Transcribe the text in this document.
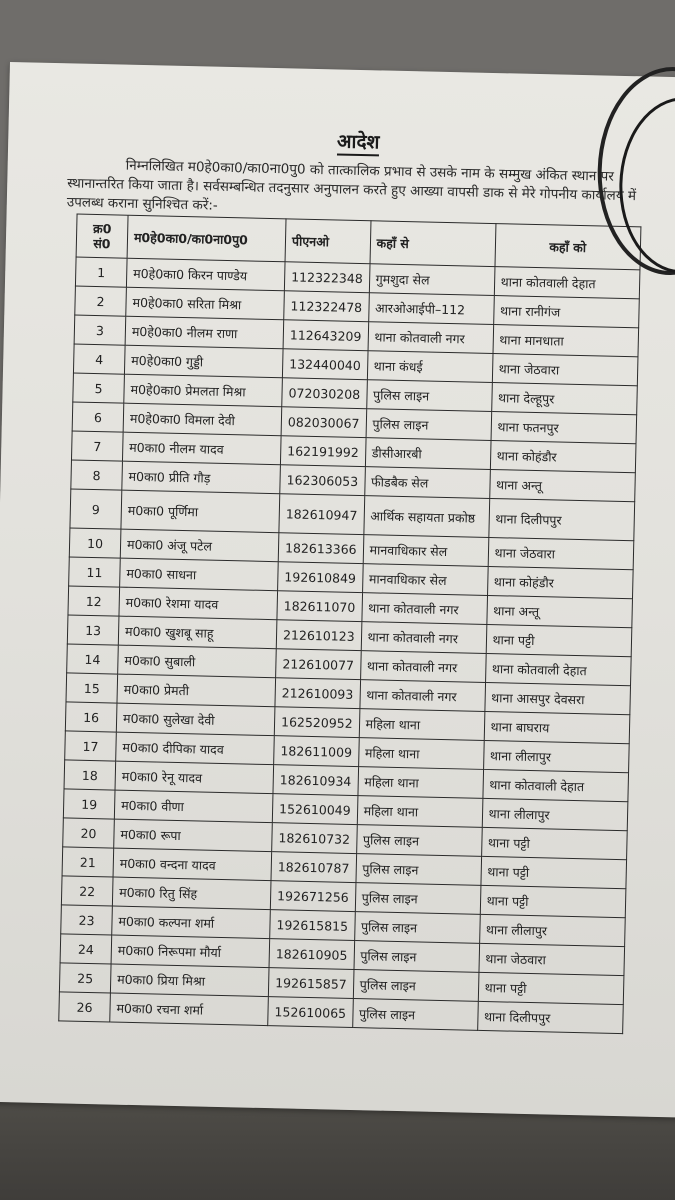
आदेश
निम्नलिखित म0हे0का0/का0ना0पु0 को तात्कालिक प्रभाव से उसके नाम के सम्मुख अंकित स्थान पर स्थानान्तरित किया जाता है। सर्वसम्बन्धित तदनुसार अनुपालन करते हुए आख्या वापसी डाक से मेरे गोपनीय कार्यालय में उपलब्ध कराना सुनिश्चित करें:-
क्र0 सं0	म0हे0का0/का0ना0पु0	पीएनओ	कहाँ से	कहाँ को
1	म0हे0का0 किरन पाण्डेय	112322348	गुमशुदा सेल	थाना कोतवाली देहात
2	म0हे0का0 सरिता मिश्रा	112322478	आरओआईपी–112	थाना रानीगंज
3	म0हे0का0 नीलम राणा	112643209	थाना कोतवाली नगर	थाना मानधाता
4	म0हे0का0 गुड्डी	132440040	थाना कंधई	थाना जेठवारा
5	म0हे0का0 प्रेमलता मिश्रा	072030208	पुलिस लाइन	थाना देल्हूपुर
6	म0हे0का0 विमला देवी	082030067	पुलिस लाइन	थाना फतनपुर
7	म0का0 नीलम यादव	162191992	डीसीआरबी	थाना कोहंडौर
8	म0का0 प्रीति गौड़	162306053	फीडबैक सेल	थाना अन्तू
9	म0का0 पूर्णिमा	182610947	आर्थिक सहायता प्रकोष्ठ	थाना दिलीपपुर
10	म0का0 अंजू पटेल	182613366	मानवाधिकार सेल	थाना जेठवारा
11	म0का0 साधना	192610849	मानवाधिकार सेल	थाना कोहंडौर
12	म0का0 रेशमा यादव	182611070	थाना कोतवाली नगर	थाना अन्तू
13	म0का0 खुशबू साहू	212610123	थाना कोतवाली नगर	थाना पट्टी
14	म0का0 सुबाली	212610077	थाना कोतवाली नगर	थाना कोतवाली देहात
15	म0का0 प्रेमती	212610093	थाना कोतवाली नगर	थाना आसपुर देवसरा
16	म0का0 सुलेखा देवी	162520952	महिला थाना	थाना बाघराय
17	म0का0 दीपिका यादव	182611009	महिला थाना	थाना लीलापुर
18	म0का0 रेनू यादव	182610934	महिला थाना	थाना कोतवाली देहात
19	म0का0 वीणा	152610049	महिला थाना	थाना लीलापुर
20	म0का0 रूपा	182610732	पुलिस लाइन	थाना पट्टी
21	म0का0 वन्दना यादव	182610787	पुलिस लाइन	थाना पट्टी
22	म0का0 रितु सिंह	192671256	पुलिस लाइन	थाना पट्टी
23	म0का0 कल्पना शर्मा	192615815	पुलिस लाइन	थाना लीलापुर
24	म0का0 निरूपमा मौर्या	182610905	पुलिस लाइन	थाना जेठवारा
25	म0का0 प्रिया मिश्रा	192615857	पुलिस लाइन	थाना पट्टी
26	म0का0 रचना शर्मा	152610065	पुलिस लाइन	थाना दिलीपपुर
